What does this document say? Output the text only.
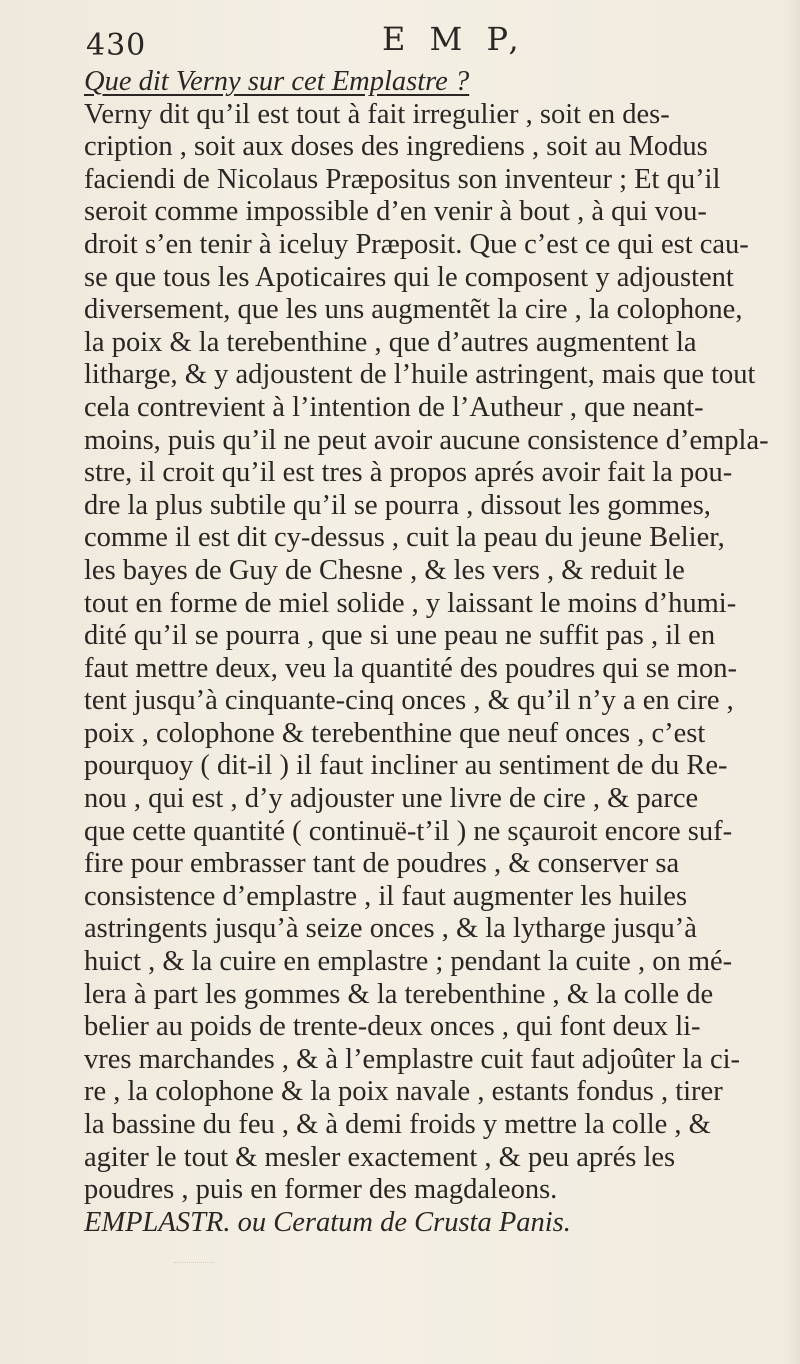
430	E M P,
Que dit Verny sur cet Emplastre ?
Verny dit qu’il est tout à fait irregulier , soit en des-
cription , soit aux doses des ingrediens , soit au Modus
faciendi de Nicolaus Præpositus son inventeur ; Et qu’il
seroit comme impossible d’en venir à bout , à qui vou-
droit s’en tenir à iceluy Præposit. Que c’est ce qui est cau-
se que tous les Apoticaires qui le composent y adjoustent
diversement, que les uns augmentẽt la cire , la colophone,
la poix & la terebenthine , que d’autres augmentent la
litharge, & y adjoustent de l’huile astringent, mais que tout
cela contrevient à l’intention de l’Autheur , que neant-
moins, puis qu’il ne peut avoir aucune consistence d’empla-
stre, il croit qu’il est tres à propos aprés avoir fait la pou-
dre la plus subtile qu’il se pourra , dissout les gommes,
comme il est dit cy-dessus , cuit la peau du jeune Belier,
les bayes de Guy de Chesne , & les vers , & reduit le
tout en forme de miel solide , y laissant le moins d’humi-
dité qu’il se pourra , que si une peau ne suffit pas , il en
faut mettre deux, veu la quantité des poudres qui se mon-
tent jusqu’à cinquante-cinq onces , & qu’il n’y a en cire ,
poix , colophone & terebenthine que neuf onces , c’est
pourquoy ( dit-il ) il faut incliner au sentiment de du Re-
nou , qui est , d’y adjouster une livre de cire , & parce
que cette quantité ( continuë-t’il ) ne sçauroit encore suf-
fire pour embrasser tant de poudres , & conserver sa
consistence d’emplastre , il faut augmenter les huiles
astringents jusqu’à seize onces , & la lytharge jusqu’à
huict , & la cuire en emplastre ; pendant la cuite , on mé-
lera à part les gommes & la terebenthine , & la colle de
belier au poids de trente-deux onces , qui font deux li-
vres marchandes , & à l’emplastre cuit faut adjoûter la ci-
re , la colophone & la poix navale , estants fondus , tirer
la bassine du feu , & à demi froids y mettre la colle , &
agiter le tout & mesler exactement , & peu aprés les
poudres , puis en former des magdaleons.
EMPLASTR. ou Ceratum de Crusta Panis.
